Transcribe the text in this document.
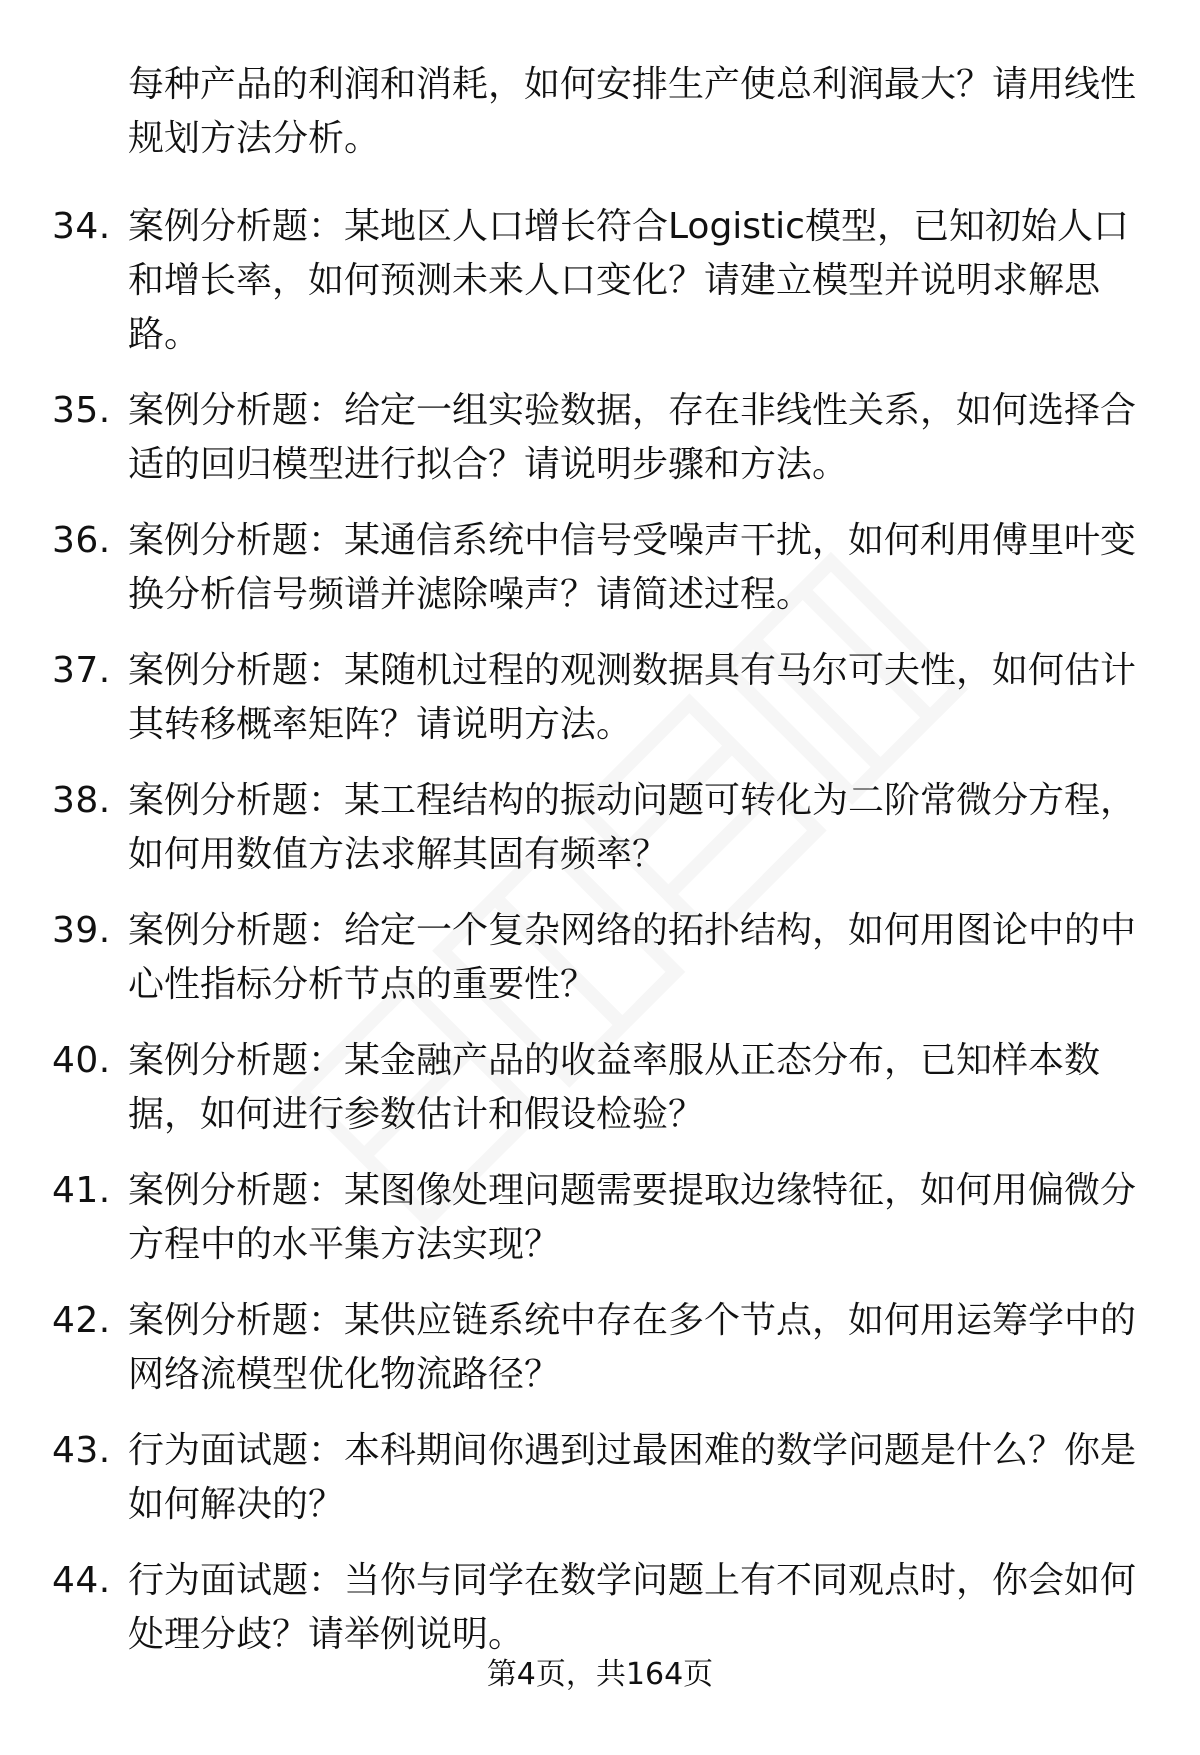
每种产品的利润和消耗，如何安排生产使总利润最大？请用线性规划方法分析。
34. 案例分析题：某地区人口增长符合Logistic模型，已知初始人口和增长率，如何预测未来人口变化？请建立模型并说明求解思路。
35. 案例分析题：给定一组实验数据，存在非线性关系，如何选择合适的回归模型进行拟合？请说明步骤和方法。
36. 案例分析题：某通信系统中信号受噪声干扰，如何利用傅里叶变换分析信号频谱并滤除噪声？请简述过程。
37. 案例分析题：某随机过程的观测数据具有马尔可夫性，如何估计其转移概率矩阵？请说明方法。
38. 案例分析题：某工程结构的振动问题可转化为二阶常微分方程，如何用数值方法求解其固有频率？
39. 案例分析题：给定一个复杂网络的拓扑结构，如何用图论中的中心性指标分析节点的重要性？
40. 案例分析题：某金融产品的收益率服从正态分布，已知样本数据，如何进行参数估计和假设检验？
41. 案例分析题：某图像处理问题需要提取边缘特征，如何用偏微分方程中的水平集方法实现？
42. 案例分析题：某供应链系统中存在多个节点，如何用运筹学中的网络流模型优化物流路径？
43. 行为面试题：本科期间你遇到过最困难的数学问题是什么？你是如何解决的？
44. 行为面试题：当你与同学在数学问题上有不同观点时，你会如何处理分歧？请举例说明。
第4页，共164页
